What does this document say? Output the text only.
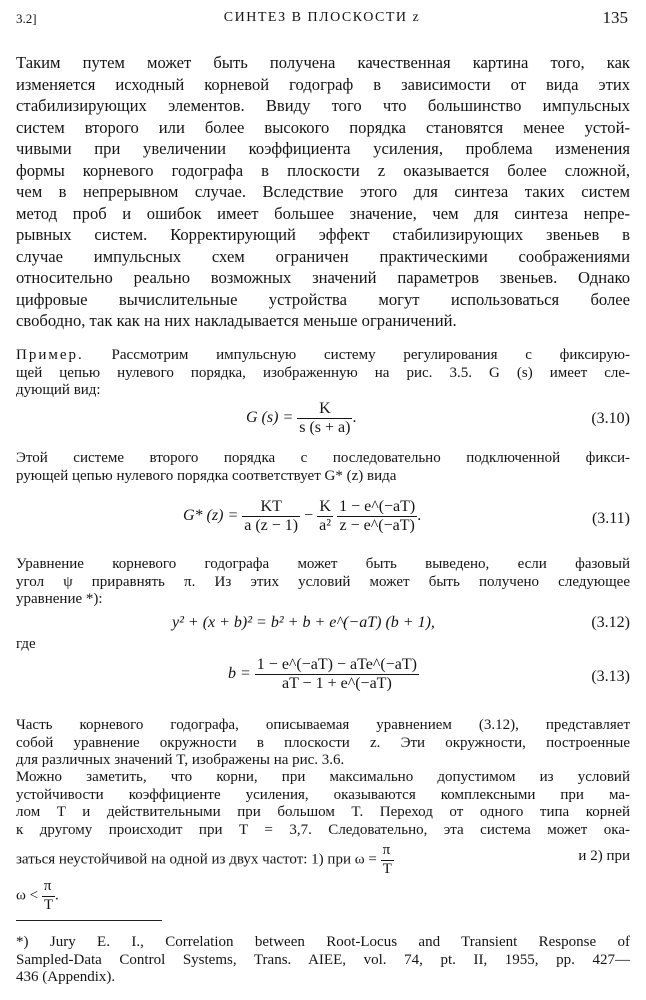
3.2]	СИНТЕЗ В ПЛОСКОСТИ z	135
Таким путем может быть получена качественная картина того, как
изменяется исходный корневой годограф в зависимости от вида этих
стабилизирующих элементов. Ввиду того что большинство импульсных
систем второго или более высокого порядка становятся менее устой-
чивыми при увеличении коэффициента усиления, проблема изменения
формы корневого годографа в плоскости z оказывается более сложной,
чем в непрерывном случае. Вследствие этого для синтеза таких систем
метод проб и ошибок имеет большее значение, чем для синтеза непре-
рывных систем. Корректирующий эффект стабилизирующих звеньев в
случае импульсных схем ограничен практическими соображениями
относительно реально возможных значений параметров звеньев. Однако
цифровые вычислительные устройства могут использоваться более
свободно, так как на них накладывается меньше ограничений.
Пример. Рассмотрим импульсную систему регулирования с фиксирую-
щей цепью нулевого порядка, изображенную на рис. 3.5. G (s) имеет сле-
дующий вид:
G $(s) = \frac{K}{s (s + a)}$ .	(3.10)
Этой системе второго порядка с последовательно подключенной фикси-
рующей цепью нулевого порядка соответствует G* (z) вида
G* $(z) = \frac{KT}{a (z - 1)} - \frac{K}{\text{a²}}$
$\frac{1 - e\^{}(-aT)}{z - e\^{}(-aT)}$ .	(3.11)
Уравнение корневого годографа может быть выведено, если фазовый
угол ψ приравнять π. Из этих условий может быть получено следующее
уравнение *):
y² + (x + b)² = b² + b + e^(−aT) (b + 1),	(3.12)
где
$b = \frac{\text{1 − e\textasciicircum{}(−aT) − aTe\textasciicircum{}(−aT)}}{aT - 1 + e\^{}(-aT)}$	(3.13)
Часть корневого годографа, описываемая уравнением (3.12), представляет
собой уравнение окружности в плоскости z. Эти окружности, построенные
для различных значений T, изображены на рис. 3.6.
Можно заметить, что корни, при максимально допустимом из условий
устойчивости коэффициенте усиления, оказываются комплексными при ма-
лом T и действительными при большом T. Переход от одного типа корней
к другому происходит при T = 3,7. Следовательно, эта система может ока-
заться неустойчивой на одной из двух частот: 1) при $\omega = \frac{\pi}{T}$	и 2) при
$\omega < \frac{\pi}{T}$ .
*) Jury E. I., Correlation between Root-Locus and Transient Response of
Sampled-Data Control Systems, Trans. AIEE, vol. 74, pt. II, 1955, pp. 427—
436 (Appendix).
